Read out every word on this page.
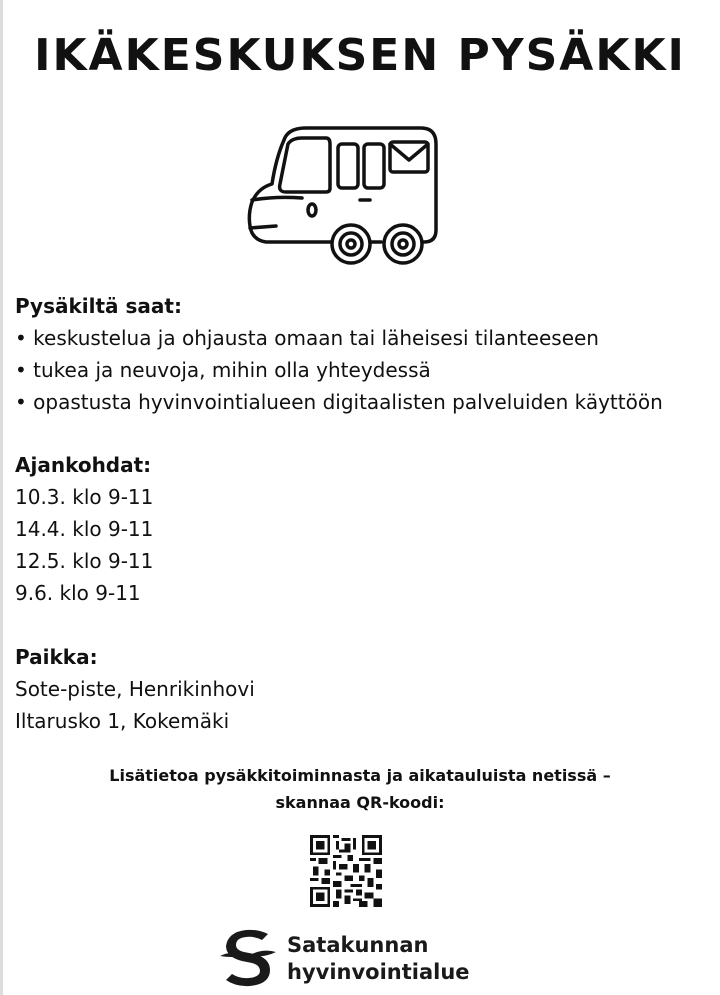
IKÄKESKUKSEN PYSÄKKI
Pysäkiltä saat:
• keskustelua ja ohjausta omaan tai läheisesi tilanteeseen
• tukea ja neuvoja, mihin olla yhteydessä
• opastusta hyvinvointialueen digitaalisten palveluiden käyttöön
Ajankohdat:
10.3. klo 9-11
14.4. klo 9-11
12.5. klo 9-11
9.6. klo 9-11
Paikka:
Sote-piste, Henrikinhovi
Iltarusko 1, Kokemäki
Lisätietoa pysäkkitoiminnasta ja aikatauluista netissä –
skannaa QR-koodi:
Satakunnan
hyvinvointialue
